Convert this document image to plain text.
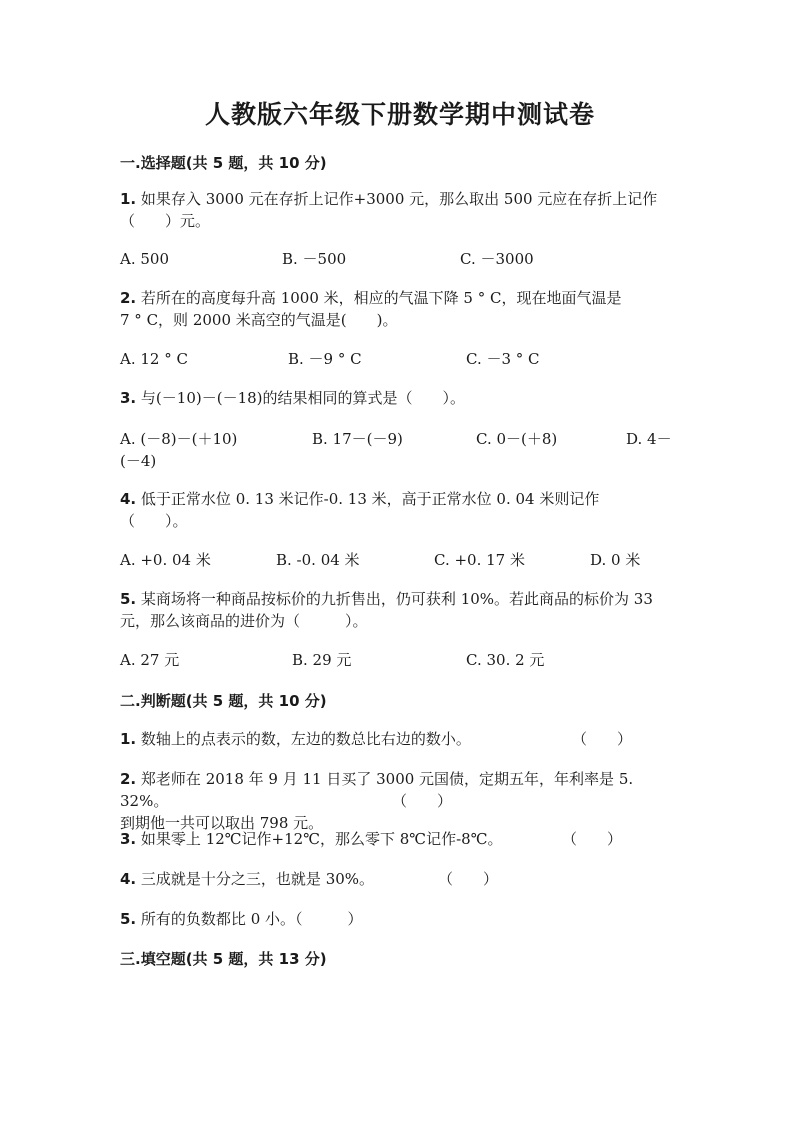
人教版六年级下册数学期中测试卷
一.选择题(共 5 题，共 10 分)
1. 如果存入 3000 元在存折上记作+3000 元，那么取出 500 元应在存折上记作
（　　）元。
A. 500	B. －500	C. －3000
2. 若所在的高度每升高 1000 米，相应的气温下降 5 ° C，现在地面气温是
7 ° C，则 2000 米高空的气温是(　　)。
A. 12 ° C	B. －9 ° C	C. －3 ° C
3. 与(－10)－(－18)的结果相同的算式是（　　）。
A. (－8)－(＋10)	B. 17－(－9)	C. 0－(＋8)	D. 4－
(－4)
4. 低于正常水位 0. 13 米记作-0. 13 米，高于正常水位 0. 04 米则记作
（　　）。
A. +0. 04 米	B. -0. 04 米	C. +0. 17 米	D. 0 米
5. 某商场将一种商品按标价的九折售出，仍可获利 10%。若此商品的标价为 33
元，那么该商品的进价为（　　　）。
A. 27 元	B. 29 元	C. 30. 2 元
二.判断题(共 5 题，共 10 分)
1. 数轴上的点表示的数，左边的数总比右边的数小。	（　　）
2. 郑老师在 2018 年 9 月 11 日买了 3000 元国债，定期五年，年利率是 5. 32%。
到期他一共可以取出 798 元。
（　　）
3. 如果零上 12℃记作+12℃，那么零下 8℃记作-8℃。	（　　）
4. 三成就是十分之三，也就是 30%。	（　　）
5. 所有的负数都比 0 小。（　　　）
三.填空题(共 5 题，共 13 分)
